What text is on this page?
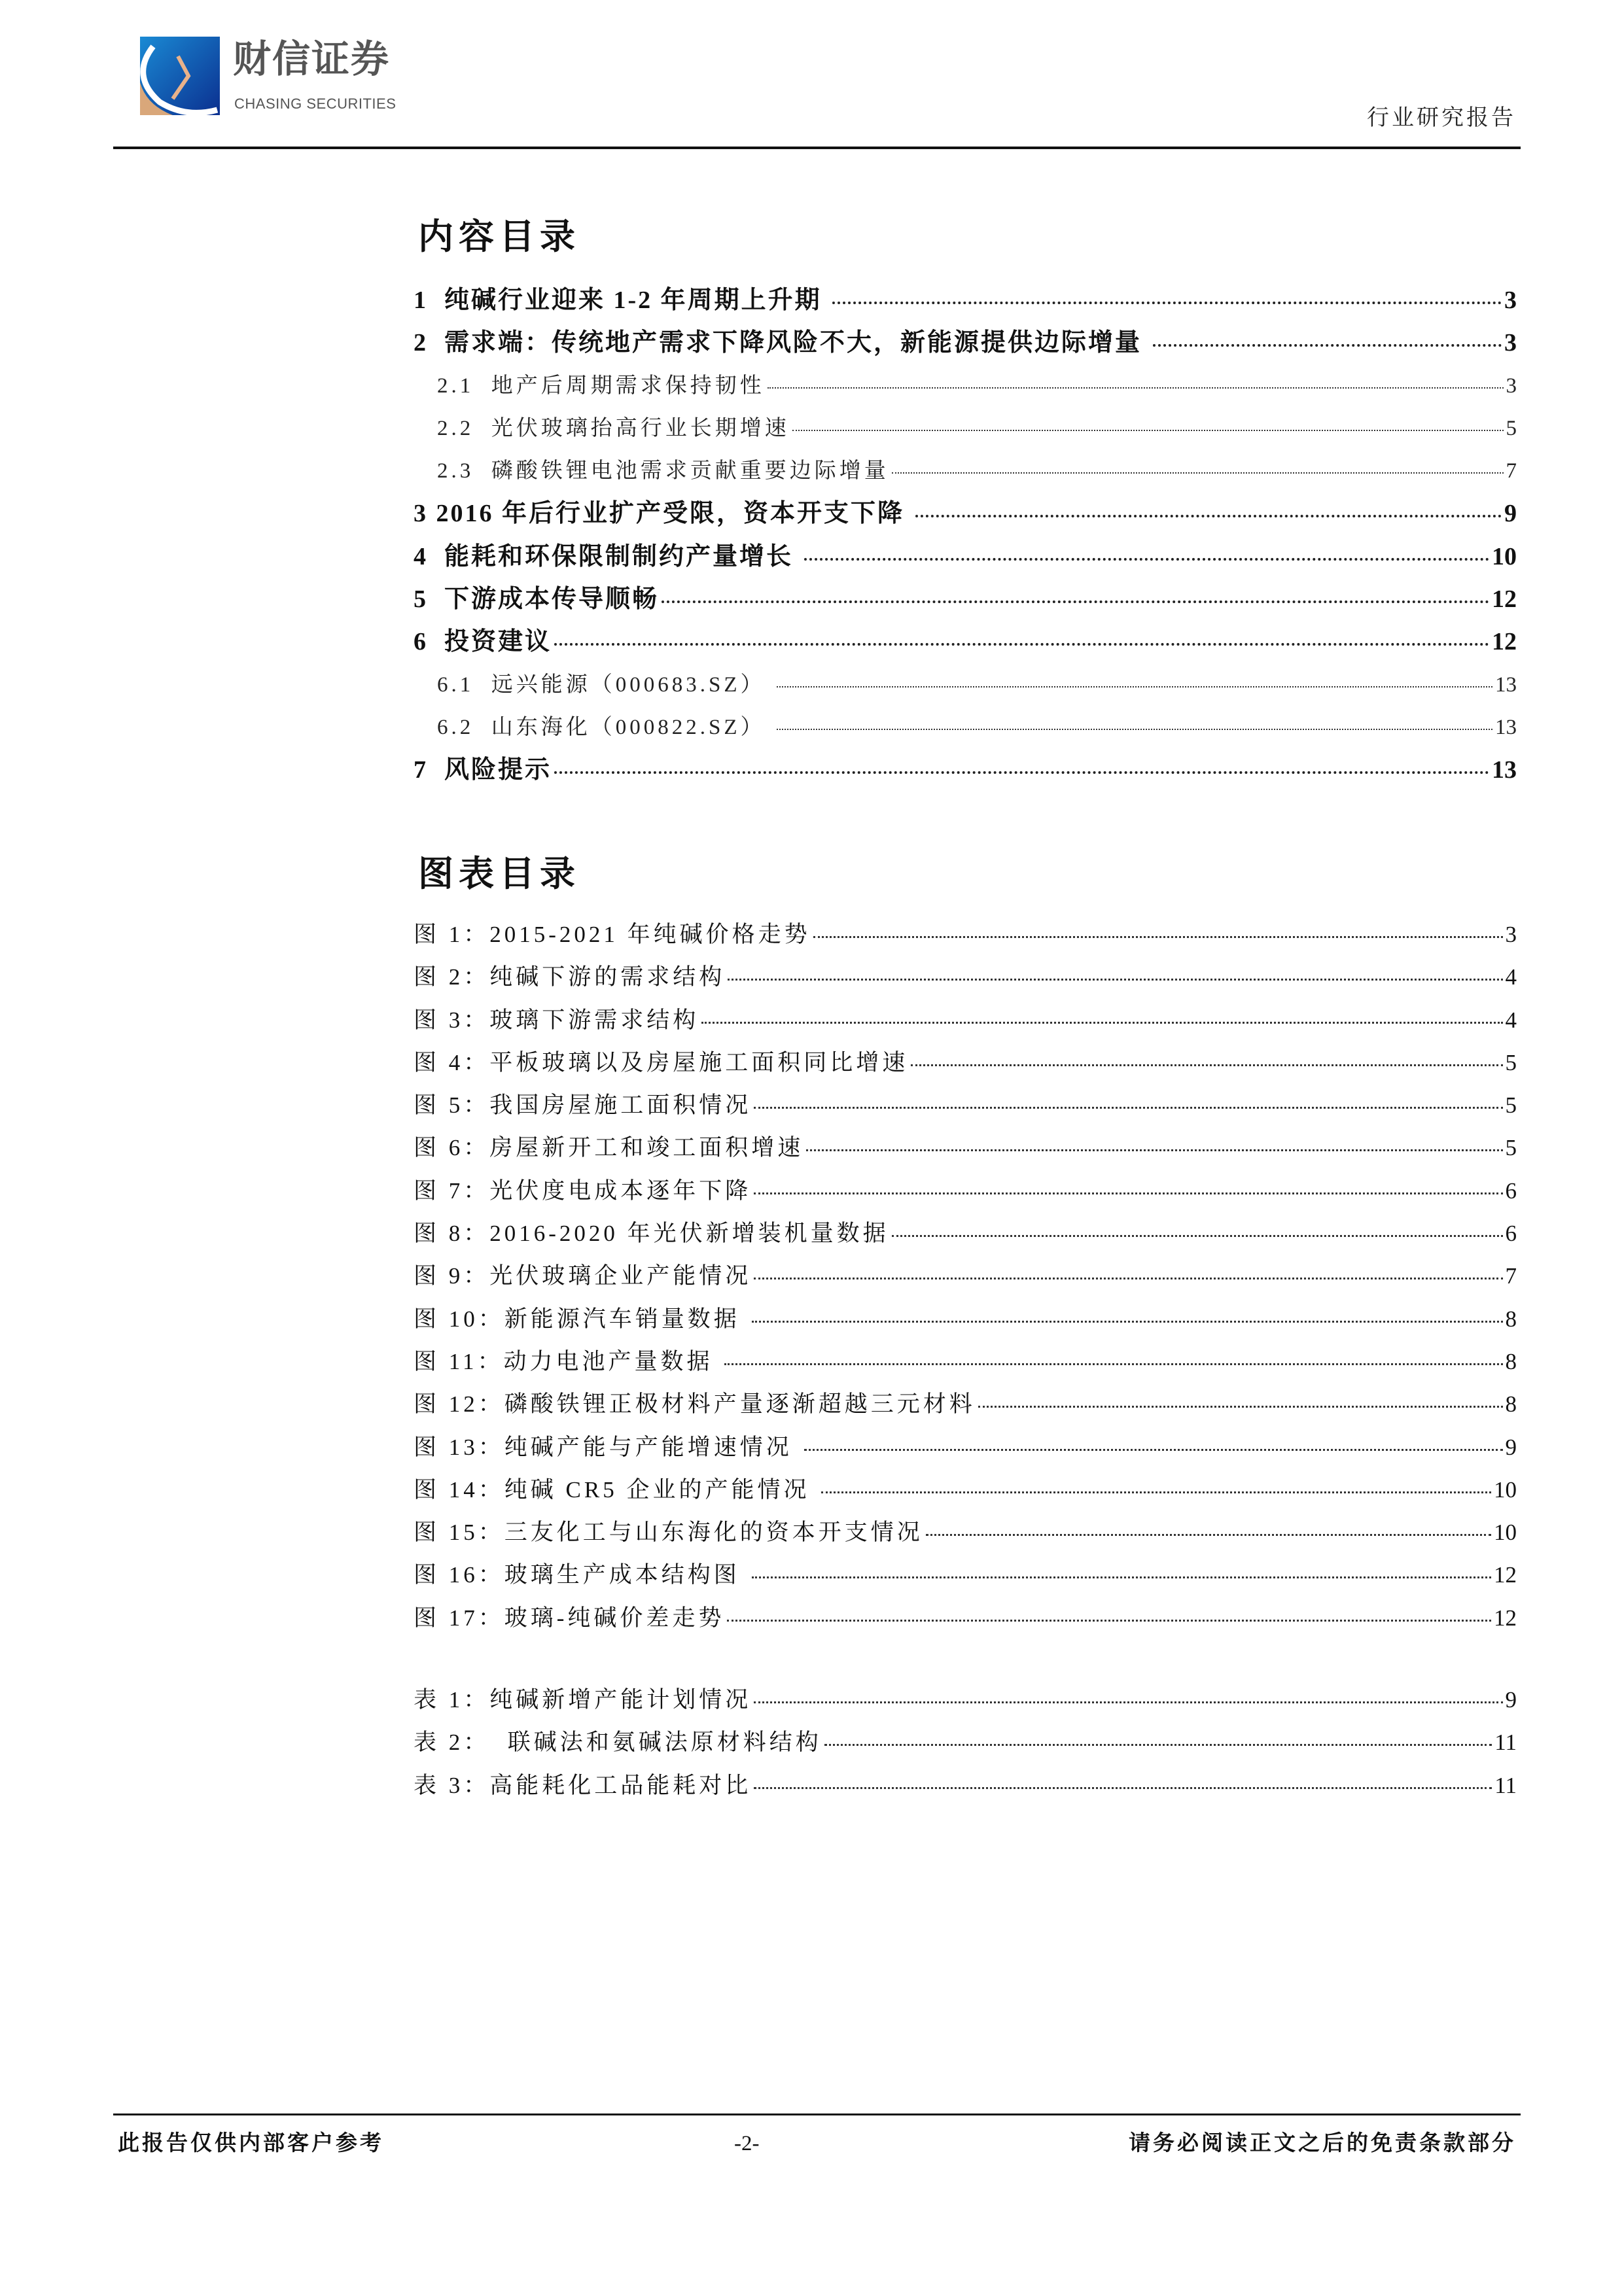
财信证券
CHASING SECURITIES
行业研究报告
内容目录
1  纯碱行业迎来 1-2 年周期上升期	3
2  需求端：传统地产需求下降风险不大，新能源提供边际增量	3
2.1  地产后周期需求保持韧性	3
2.2  光伏玻璃抬高行业长期增速	5
2.3  磷酸铁锂电池需求贡献重要边际增量	7
3 2016 年后行业扩产受限，资本开支下降	9
4  能耗和环保限制制约产量增长	10
5  下游成本传导顺畅	12
6  投资建议	12
6.1  远兴能源（000683.SZ）	13
6.2  山东海化（000822.SZ）	13
7  风险提示	13
图表目录
图 1：2015-2021 年纯碱价格走势	3
图 2：纯碱下游的需求结构	4
图 3：玻璃下游需求结构	4
图 4：平板玻璃以及房屋施工面积同比增速	5
图 5：我国房屋施工面积情况	5
图 6：房屋新开工和竣工面积增速	5
图 7：光伏度电成本逐年下降	6
图 8：2016-2020 年光伏新增装机量数据	6
图 9：光伏玻璃企业产能情况	7
图 10：新能源汽车销量数据	8
图 11：动力电池产量数据	8
图 12：磷酸铁锂正极材料产量逐渐超越三元材料	8
图 13：纯碱产能与产能增速情况	9
图 14：纯碱 CR5 企业的产能情况	10
图 15：三友化工与山东海化的资本开支情况	10
图 16：玻璃生产成本结构图	12
图 17：玻璃-纯碱价差走势	12
表 1：纯碱新增产能计划情况	9
表 2：  联碱法和氨碱法原材料结构	11
表 3：高能耗化工品能耗对比	11
此报告仅供内部客户参考	-2-	请务必阅读正文之后的免责条款部分
